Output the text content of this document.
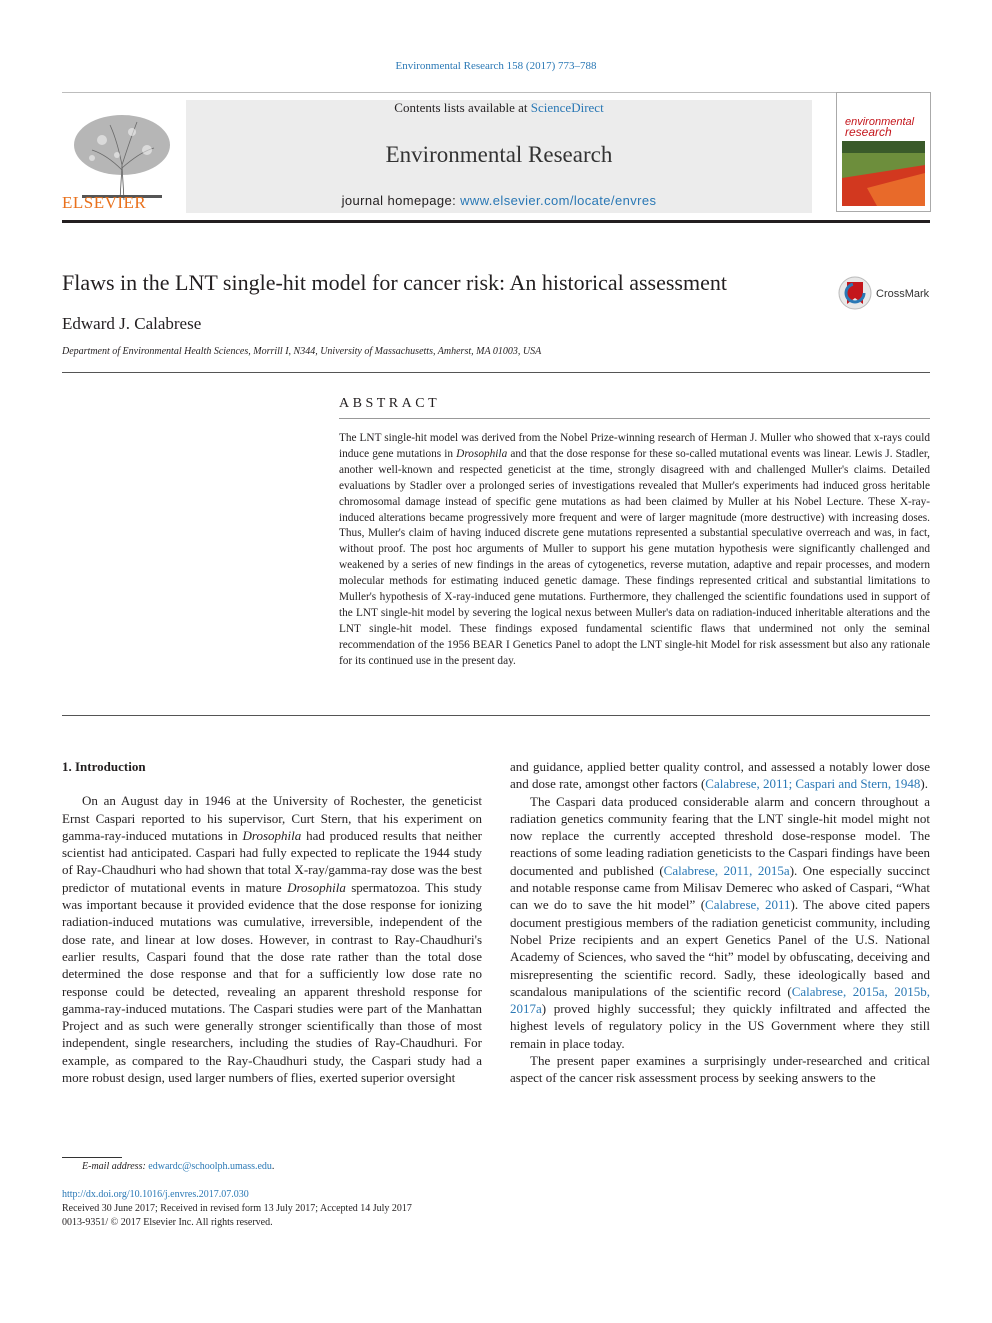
Environmental Research 158 (2017) 773–788
ELSEVIER
Contents lists available at ScienceDirect
Environmental Research
journal homepage: www.elsevier.com/locate/envres
environmental
research
Flaws in the LNT single-hit model for cancer risk: An historical assessment	CrossMark
Edward J. Calabrese
Department of Environmental Health Sciences, Morrill I, N344, University of Massachusetts, Amherst, MA 01003, USA
ABSTRACT
The LNT single-hit model was derived from the Nobel Prize-winning research of Herman J. Muller who showed that x-rays could induce gene mutations in Drosophila and that the dose response for these so-called mutational events was linear. Lewis J. Stadler, another well-known and respected geneticist at the time, strongly disagreed with and challenged Muller's claims. Detailed evaluations by Stadler over a prolonged series of investigations revealed that Muller's experiments had induced gross heritable chromosomal damage instead of specific gene mutations as had been claimed by Muller at his Nobel Lecture. These X-ray-induced alterations became progressively more frequent and were of larger magnitude (more destructive) with increasing doses. Thus, Muller's claim of having induced discrete gene mutations represented a substantial speculative overreach and was, in fact, without proof. The post hoc arguments of Muller to support his gene mutation hypothesis were significantly challenged and weakened by a series of new findings in the areas of cytogenetics, reverse mutation, adaptive and repair processes, and modern molecular methods for estimating induced genetic damage. These findings represented critical and substantial limitations to Muller's hypothesis of X-ray-induced gene mutations. Furthermore, they challenged the scientific foundations used in support of the LNT single-hit model by severing the logical nexus between Muller's data on radiation-induced inheritable alterations and the LNT single-hit model. These findings exposed fundamental scientific flaws that undermined not only the seminal recommendation of the 1956 BEAR I Genetics Panel to adopt the LNT single-hit Model for risk assessment but also any rationale for its continued use in the present day.

1. Introduction

On an August day in 1946 at the University of Rochester, the geneticist Ernst Caspari reported to his supervisor, Curt Stern, that his experiment on gamma-ray-induced mutations in Drosophila had produced results that neither scientist had anticipated. Caspari had fully expected to replicate the 1944 study of Ray-Chaudhuri who had shown that total X-ray/gamma-ray dose was the best predictor of mutational events in mature Drosophila spermatozoa. This study was important because it provided evidence that the dose response for ionizing radiation-induced mutations was cumulative, irreversible, independent of the dose rate, and linear at low doses. However, in contrast to Ray-Chaudhuri's earlier results, Caspari found that the dose rate rather than the total dose determined the dose response and that for a sufficiently low dose rate no response could be detected, revealing an apparent threshold response for gamma-ray-induced mutations. The Caspari studies were part of the Manhattan Project and as such were generally stronger scientifically than those of most independent, single researchers, including the studies of Ray-Chaudhuri. For example, as compared to the Ray-Chaudhuri study, the Caspari study had a more robust design, used larger numbers of flies, exerted superior oversight

and guidance, applied better quality control, and assessed a notably lower dose and dose rate, amongst other factors (Calabrese, 2011; Caspari and Stern, 1948).

The Caspari data produced considerable alarm and concern throughout a radiation genetics community fearing that the LNT single-hit model might not now replace the currently accepted threshold dose-response model. The reactions of some leading radiation geneticists to the Caspari findings have been documented and published (Calabrese, 2011, 2015a). One especially succinct and notable response came from Milisav Demerec who asked of Caspari, “What can we do to save the hit model” (Calabrese, 2011). The above cited papers document prestigious members of the radiation geneticist community, including Nobel Prize recipients and an expert Genetics Panel of the U.S. National Academy of Sciences, who saved the “hit” model by obfuscating, deceiving and misrepresenting the scientific record. Sadly, these ideologically based and scandalous manipulations of the scientific record (Calabrese, 2015a, 2015b, 2017a) proved highly successful; they quickly infiltrated and affected the highest levels of regulatory policy in the US Government where they still remain in place today.

The present paper examines a surprisingly under-researched and critical aspect of the cancer risk assessment process by seeking answers to the

E-mail address: edwardc@schoolph.umass.edu.
http://dx.doi.org/10.1016/j.envres.2017.07.030
Received 30 June 2017; Received in revised form 13 July 2017; Accepted 14 July 2017
0013-9351/ © 2017 Elsevier Inc. All rights reserved.
